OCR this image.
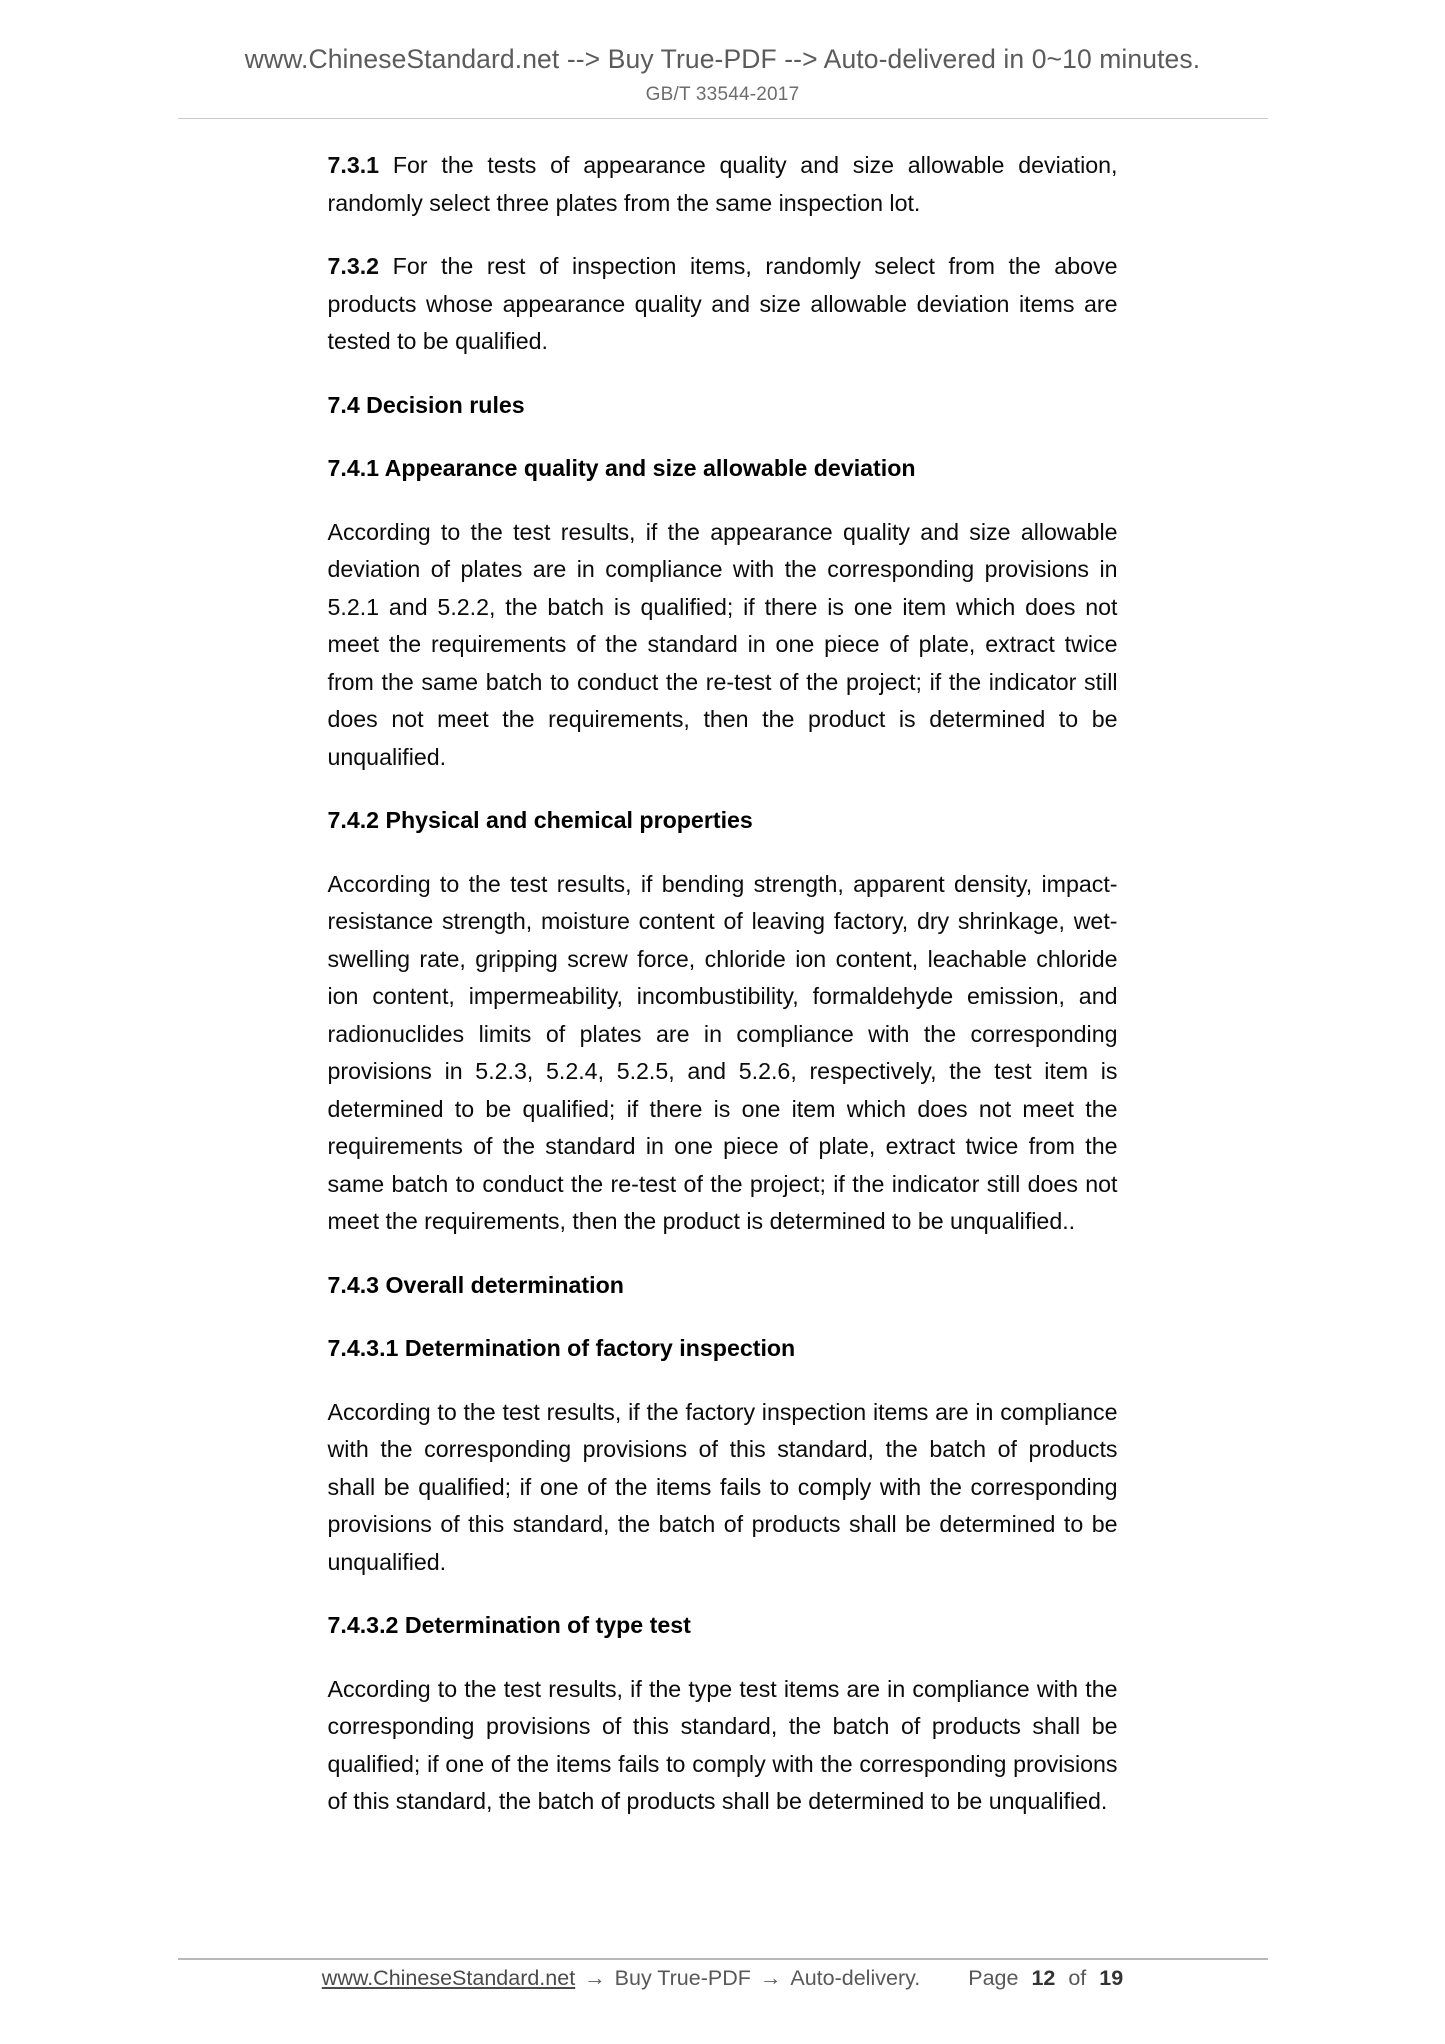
www.ChineseStandard.net --> Buy True-PDF --> Auto-delivered in 0~10 minutes.
GB/T 33544-2017

7.3.1 For the tests of appearance quality and size allowable deviation, randomly select three plates from the same inspection lot.

7.3.2 For the rest of inspection items, randomly select from the above products whose appearance quality and size allowable deviation items are tested to be qualified.

7.4 Decision rules
7.4.1 Appearance quality and size allowable deviation

According to the test results, if the appearance quality and size allowable deviation of plates are in compliance with the corresponding provisions in 5.2.1 and 5.2.2, the batch is qualified; if there is one item which does not meet the requirements of the standard in one piece of plate, extract twice from the same batch to conduct the re-test of the project; if the indicator still does not meet the requirements, then the product is determined to be unqualified.

7.4.2 Physical and chemical properties

According to the test results, if bending strength, apparent density, impact-resistance strength, moisture content of leaving factory, dry shrinkage, wet-swelling rate, gripping screw force, chloride ion content, leachable chloride ion content, impermeability, incombustibility, formaldehyde emission, and radionuclides limits of plates are in compliance with the corresponding provisions in 5.2.3, 5.2.4, 5.2.5, and 5.2.6, respectively, the test item is determined to be qualified; if there is one item which does not meet the requirements of the standard in one piece of plate, extract twice from the same batch to conduct the re-test of the project; if the indicator still does not meet the requirements, then the product is determined to be unqualified..

7.4.3 Overall determination
7.4.3.1 Determination of factory inspection

According to the test results, if the factory inspection items are in compliance with the corresponding provisions of this standard, the batch of products shall be qualified; if one of the items fails to comply with the corresponding provisions of this standard, the batch of products shall be determined to be unqualified.

7.4.3.2 Determination of type test

According to the test results, if the type test items are in compliance with the corresponding provisions of this standard, the batch of products shall be qualified; if one of the items fails to comply with the corresponding provisions of this standard, the batch of products shall be determined to be unqualified.

www.ChineseStandard.net → Buy True-PDF → Auto-delivery. Page 12 of 19
